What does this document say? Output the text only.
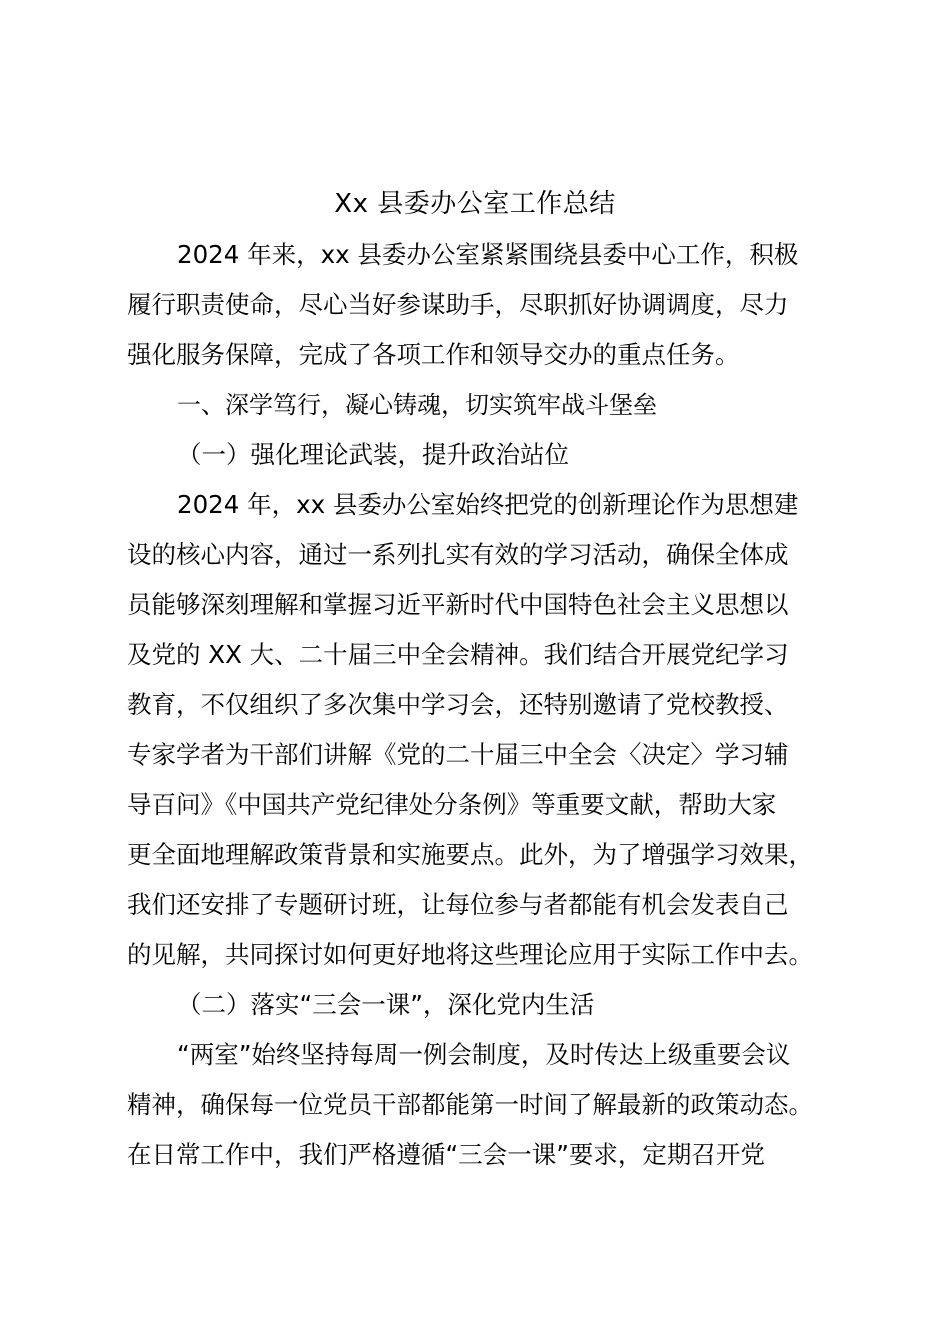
Xx 县委办公室工作总结
2024 年来，xx 县委办公室紧紧围绕县委中心工作，积极
履行职责使命，尽心当好参谋助手，尽职抓好协调调度，尽力
强化服务保障，完成了各项工作和领导交办的重点任务。
一、深学笃行，凝心铸魂，切实筑牢战斗堡垒
（一）强化理论武装，提升政治站位
2024 年，xx 县委办公室始终把党的创新理论作为思想建
设的核心内容，通过一系列扎实有效的学习活动，确保全体成
员能够深刻理解和掌握习近平新时代中国特色社会主义思想以
及党的 XX 大、二十届三中全会精神。我们结合开展党纪学习
教育，不仅组织了多次集中学习会，还特别邀请了党校教授、
专家学者为干部们讲解《党的二十届三中全会〈决定〉学习辅
导百问》《中国共产党纪律处分条例》等重要文献，帮助大家
更全面地理解政策背景和实施要点。此外，为了增强学习效果，
我们还安排了专题研讨班，让每位参与者都能有机会发表自己
的见解，共同探讨如何更好地将这些理论应用于实际工作中去。
（二）落实“三会一课”，深化党内生活
“两室”始终坚持每周一例会制度，及时传达上级重要会议
精神，确保每一位党员干部都能第一时间了解最新的政策动态。
在日常工作中，我们严格遵循“三会一课”要求，定期召开党
